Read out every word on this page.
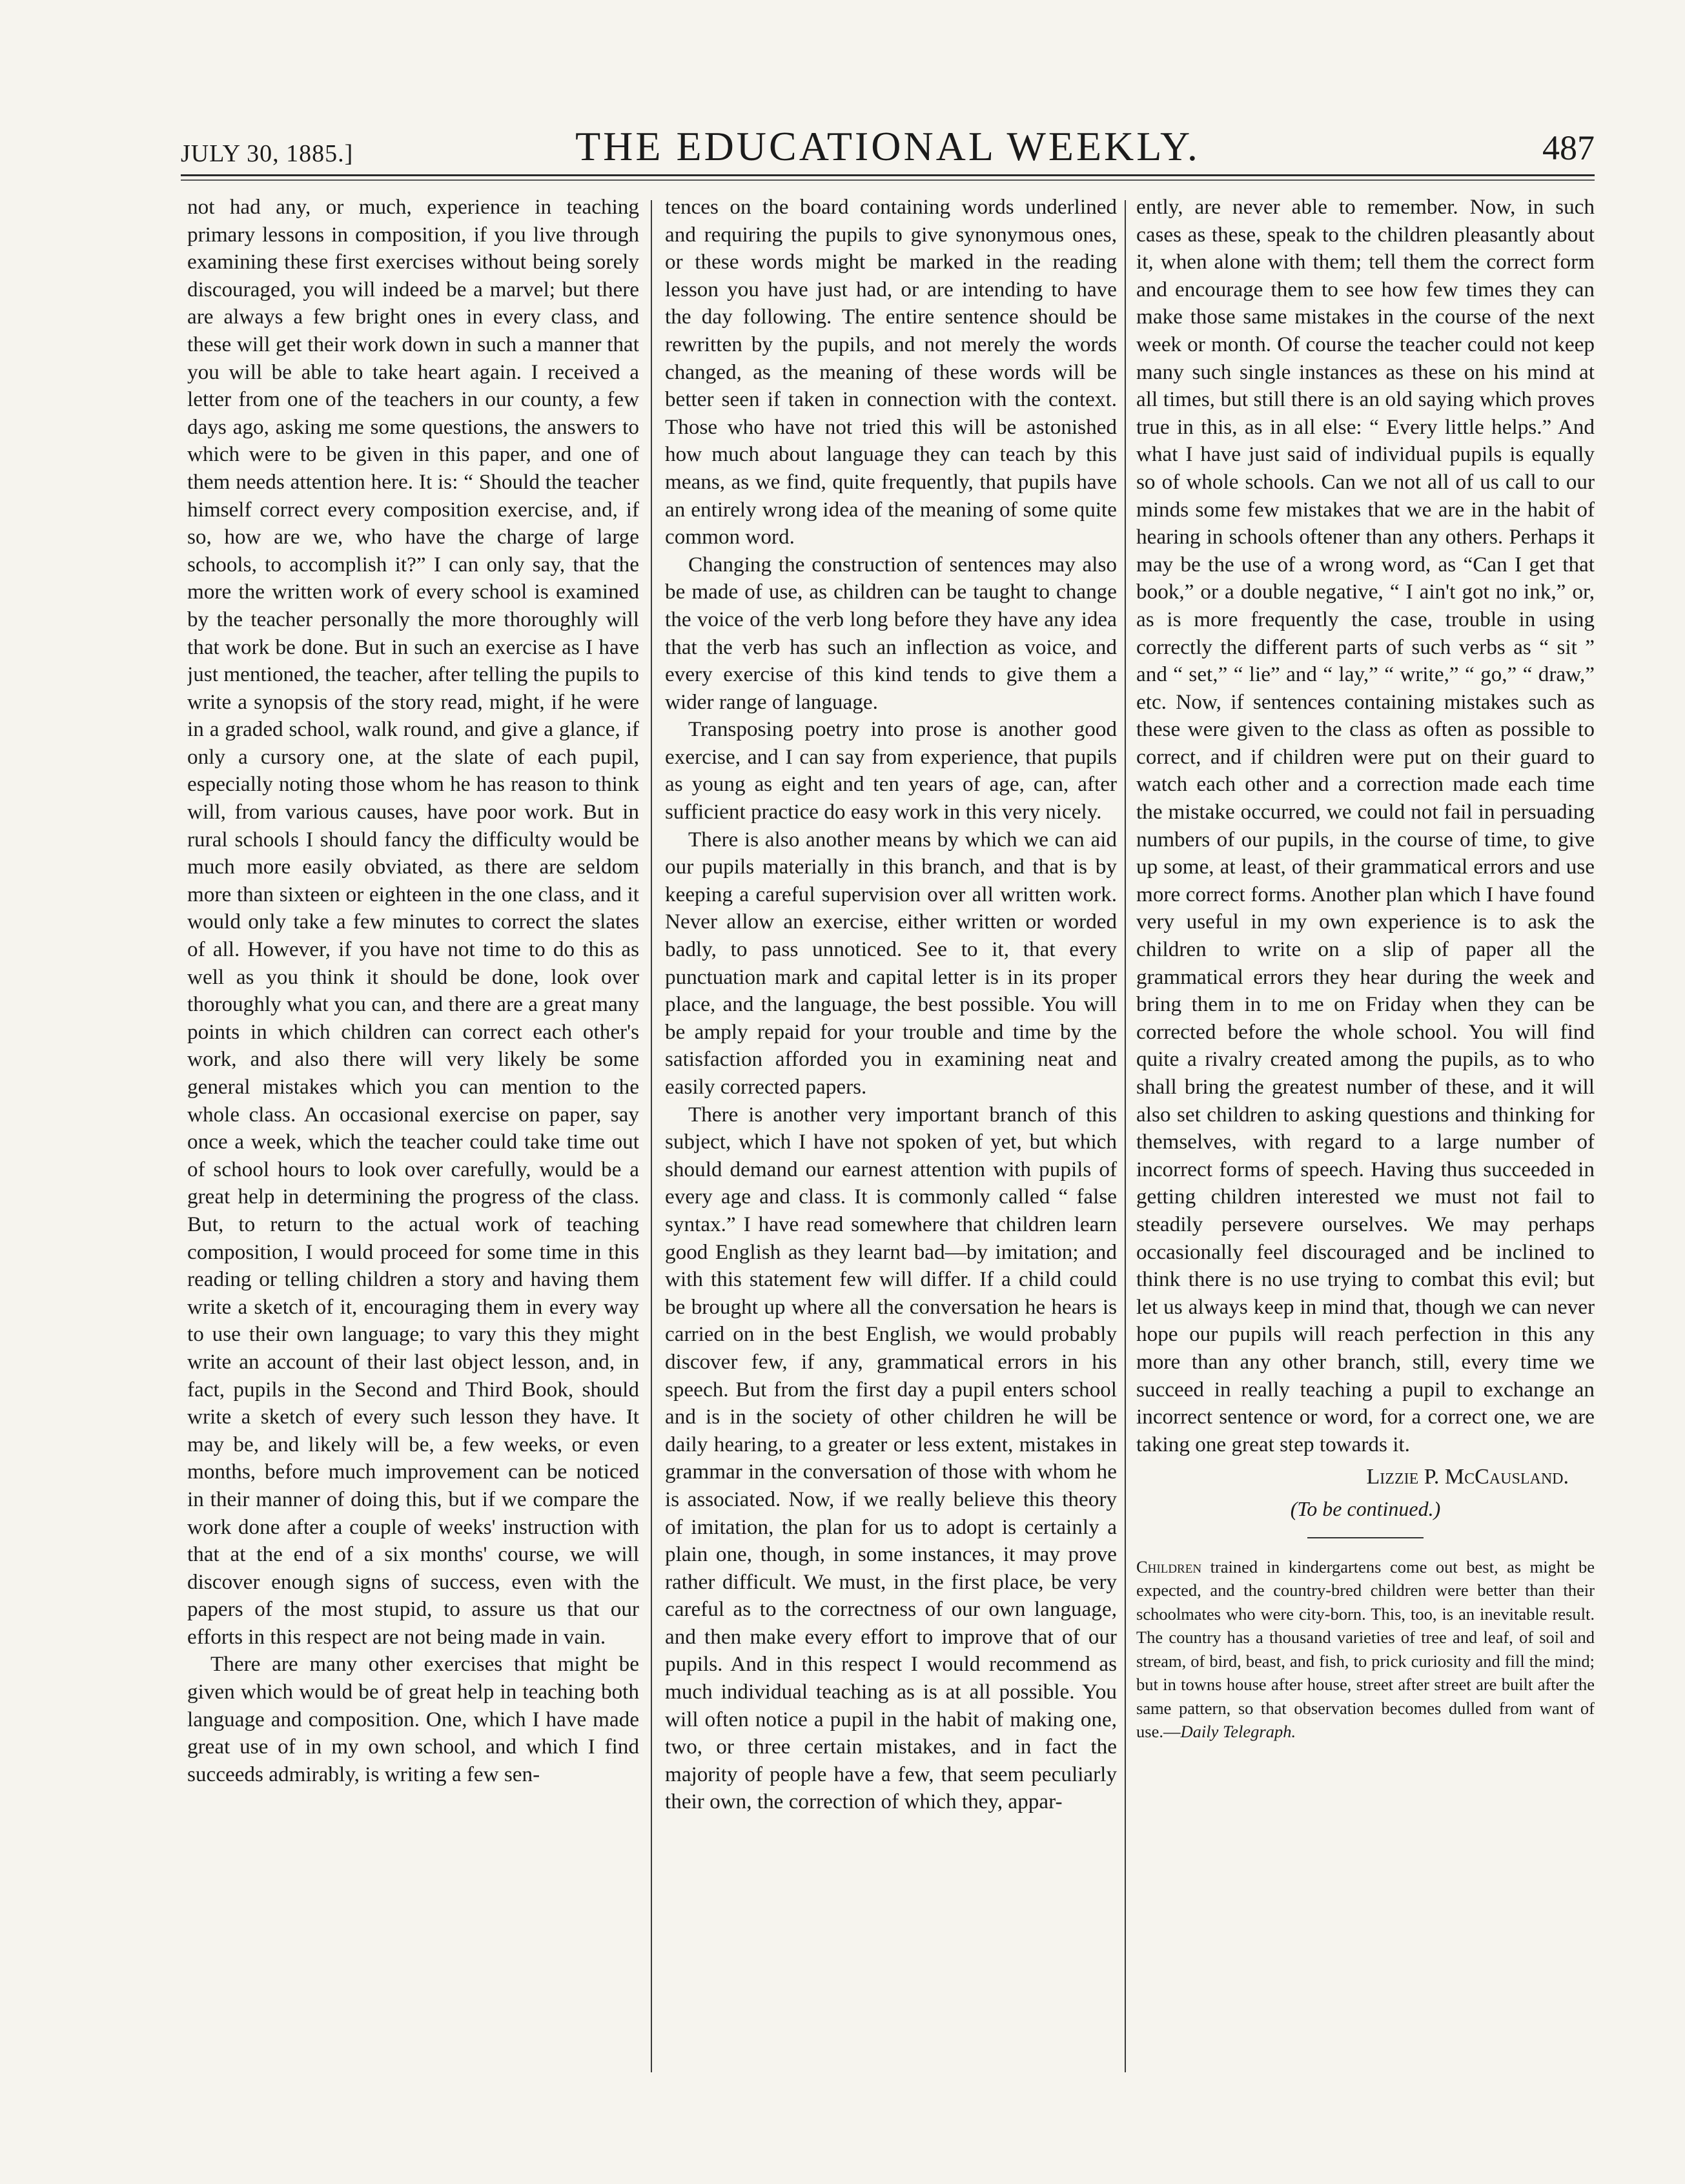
JULY 30, 1885.]	THE EDUCATIONAL WEEKLY.	487

not had any, or much, experience in teaching primary lessons in composition, if you live through examining these first exercises without being sorely discouraged, you will indeed be a marvel; but there are always a few bright ones in every class, and these will get their work down in such a manner that you will be able to take heart again. I received a letter from one of the teachers in our county, a few days ago, asking me some questions, the answers to which were to be given in this paper, and one of them needs attention here. It is: “ Should the teacher himself correct every composition exercise, and, if so, how are we, who have the charge of large schools, to accomplish it?” I can only say, that the more the written work of every school is examined by the teacher personally the more thoroughly will that work be done. But in such an exercise as I have just mentioned, the teacher, after telling the pupils to write a synopsis of the story read, might, if he were in a graded school, walk round, and give a glance, if only a cursory one, at the slate of each pupil, especially noting those whom he has reason to think will, from various causes, have poor work. But in rural schools I should fancy the difficulty would be much more easily obviated, as there are seldom more than sixteen or eighteen in the one class, and it would only take a few minutes to correct the slates of all. However, if you have not time to do this as well as you think it should be done, look over thoroughly what you can, and there are a great many points in which children can correct each other's work, and also there will very likely be some general mistakes which you can mention to the whole class. An occasional exercise on paper, say once a week, which the teacher could take time out of school hours to look over carefully, would be a great help in determining the progress of the class. But, to return to the actual work of teaching composition, I would proceed for some time in this reading or telling children a story and having them write a sketch of it, encouraging them in every way to use their own language; to vary this they might write an account of their last object lesson, and, in fact, pupils in the Second and Third Book, should write a sketch of every such lesson they have. It may be, and likely will be, a few weeks, or even months, before much improvement can be noticed in their manner of doing this, but if we compare the work done after a couple of weeks' instruction with that at the end of a six months' course, we will discover enough signs of success, even with the papers of the most stupid, to assure us that our efforts in this respect are not being made in vain.

There are many other exercises that might be given which would be of great help in teaching both language and composition. One, which I have made great use of in my own school, and which I find succeeds admirably, is writing a few sen-

tences on the board containing words underlined and requiring the pupils to give synonymous ones, or these words might be marked in the reading lesson you have just had, or are intending to have the day following. The entire sentence should be rewritten by the pupils, and not merely the words changed, as the meaning of these words will be better seen if taken in connection with the context. Those who have not tried this will be astonished how much about language they can teach by this means, as we find, quite frequently, that pupils have an entirely wrong idea of the meaning of some quite common word.

Changing the construction of sentences may also be made of use, as children can be taught to change the voice of the verb long before they have any idea that the verb has such an inflection as voice, and every exercise of this kind tends to give them a wider range of language.

Transposing poetry into prose is another good exercise, and I can say from experience, that pupils as young as eight and ten years of age, can, after sufficient practice do easy work in this very nicely.

There is also another means by which we can aid our pupils materially in this branch, and that is by keeping a careful supervision over all written work. Never allow an exercise, either written or worded badly, to pass unnoticed. See to it, that every punctuation mark and capital letter is in its proper place, and the language, the best possible. You will be amply repaid for your trouble and time by the satisfaction afforded you in examining neat and easily corrected papers.

There is another very important branch of this subject, which I have not spoken of yet, but which should demand our earnest attention with pupils of every age and class. It is commonly called “ false syntax.” I have read somewhere that children learn good English as they learnt bad—by imitation; and with this statement few will differ. If a child could be brought up where all the conversation he hears is carried on in the best English, we would probably discover few, if any, grammatical errors in his speech. But from the first day a pupil enters school and is in the society of other children he will be daily hearing, to a greater or less extent, mistakes in grammar in the conversation of those with whom he is associated. Now, if we really believe this theory of imitation, the plan for us to adopt is certainly a plain one, though, in some instances, it may prove rather difficult. We must, in the first place, be very careful as to the correctness of our own language, and then make every effort to improve that of our pupils. And in this respect I would recommend as much individual teaching as is at all possible. You will often notice a pupil in the habit of making one, two, or three certain mistakes, and in fact the majority of people have a few, that seem peculiarly their own, the correction of which they, appar-

ently, are never able to remember. Now, in such cases as these, speak to the children pleasantly about it, when alone with them; tell them the correct form and encourage them to see how few times they can make those same mistakes in the course of the next week or month. Of course the teacher could not keep many such single instances as these on his mind at all times, but still there is an old saying which proves true in this, as in all else: “ Every little helps.” And what I have just said of individual pupils is equally so of whole schools. Can we not all of us call to our minds some few mistakes that we are in the habit of hearing in schools oftener than any others. Perhaps it may be the use of a wrong word, as “Can I get that book,” or a double negative, “ I ain't got no ink,” or, as is more frequently the case, trouble in using correctly the different parts of such verbs as “ sit ” and “ set,” “ lie” and “ lay,” “ write,” “ go,” “ draw,” etc. Now, if sentences containing mistakes such as these were given to the class as often as possible to correct, and if children were put on their guard to watch each other and a correction made each time the mistake occurred, we could not fail in persuading numbers of our pupils, in the course of time, to give up some, at least, of their grammatical errors and use more correct forms. Another plan which I have found very useful in my own experience is to ask the children to write on a slip of paper all the grammatical errors they hear during the week and bring them in to me on Friday when they can be corrected before the whole school. You will find quite a rivalry created among the pupils, as to who shall bring the greatest number of these, and it will also set children to asking questions and thinking for themselves, with regard to a large number of incorrect forms of speech. Having thus succeeded in getting children interested we must not fail to steadily persevere ourselves. We may perhaps occasionally feel discouraged and be inclined to think there is no use trying to combat this evil; but let us always keep in mind that, though we can never hope our pupils will reach perfection in this any more than any other branch, still, every time we succeed in really teaching a pupil to exchange an incorrect sentence or word, for a correct one, we are taking one great step towards it.

Lizzie P. McCausland.
(To be continued.)

Children trained in kindergartens come out best, as might be expected, and the country-bred children were better than their schoolmates who were city-born. This, too, is an inevitable result. The country has a thousand varieties of tree and leaf, of soil and stream, of bird, beast, and fish, to prick curiosity and fill the mind; but in towns house after house, street after street are built after the same pattern, so that observation becomes dulled from want of use.—Daily Telegraph.
